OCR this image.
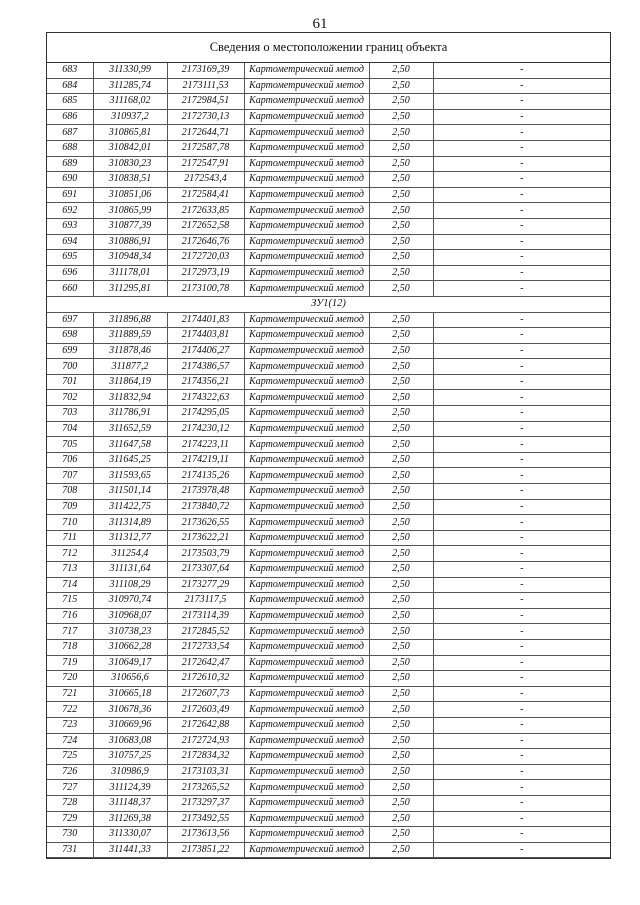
61
Сведения о местоположении границ объекта
683	311330,99	2173169,39	Картометрический метод	2,50	-
684	311285,74	2173111,53	Картометрический метод	2,50	-
685	311168,02	2172984,51	Картометрический метод	2,50	-
686	310937,2	2172730,13	Картометрический метод	2,50	-
687	310865,81	2172644,71	Картометрический метод	2,50	-
688	310842,01	2172587,78	Картометрический метод	2,50	-
689	310830,23	2172547,91	Картометрический метод	2,50	-
690	310838,51	2172543,4	Картометрический метод	2,50	-
691	310851,06	2172584,41	Картометрический метод	2,50	-
692	310865,99	2172633,85	Картометрический метод	2,50	-
693	310877,39	2172652,58	Картометрический метод	2,50	-
694	310886,91	2172646,76	Картометрический метод	2,50	-
695	310948,34	2172720,03	Картометрический метод	2,50	-
696	311178,01	2172973,19	Картометрический метод	2,50	-
660	311295,81	2173100,78	Картометрический метод	2,50	-
ЗУ1(12)					
697	311896,88	2174401,83	Картометрический метод	2,50	-
698	311889,59	2174403,81	Картометрический метод	2,50	-
699	311878,46	2174406,27	Картометрический метод	2,50	-
700	311877,2	2174386,57	Картометрический метод	2,50	-
701	311864,19	2174356,21	Картометрический метод	2,50	-
702	311832,94	2174322,63	Картометрический метод	2,50	-
703	311786,91	2174295,05	Картометрический метод	2,50	-
704	311652,59	2174230,12	Картометрический метод	2,50	-
705	311647,58	2174223,11	Картометрический метод	2,50	-
706	311645,25	2174219,11	Картометрический метод	2,50	-
707	311593,65	2174135,26	Картометрический метод	2,50	-
708	311501,14	2173978,48	Картометрический метод	2,50	-
709	311422,75	2173840,72	Картометрический метод	2,50	-
710	311314,89	2173626,55	Картометрический метод	2,50	-
711	311312,77	2173622,21	Картометрический метод	2,50	-
712	311254,4	2173503,79	Картометрический метод	2,50	-
713	311131,64	2173307,64	Картометрический метод	2,50	-
714	311108,29	2173277,29	Картометрический метод	2,50	-
715	310970,74	2173117,5	Картометрический метод	2,50	-
716	310968,07	2173114,39	Картометрический метод	2,50	-
717	310738,23	2172845,52	Картометрический метод	2,50	-
718	310662,28	2172733,54	Картометрический метод	2,50	-
719	310649,17	2172642,47	Картометрический метод	2,50	-
720	310656,6	2172610,32	Картометрический метод	2,50	-
721	310665,18	2172607,73	Картометрический метод	2,50	-
722	310678,36	2172603,49	Картометрический метод	2,50	-
723	310669,96	2172642,88	Картометрический метод	2,50	-
724	310683,08	2172724,93	Картометрический метод	2,50	-
725	310757,25	2172834,32	Картометрический метод	2,50	-
726	310986,9	2173103,31	Картометрический метод	2,50	-
727	311124,39	2173265,52	Картометрический метод	2,50	-
728	311148,37	2173297,37	Картометрический метод	2,50	-
729	311269,38	2173492,55	Картометрический метод	2,50	-
730	311330,07	2173613,56	Картометрический метод	2,50	-
731	311441,33	2173851,22	Картометрический метод	2,50	-
